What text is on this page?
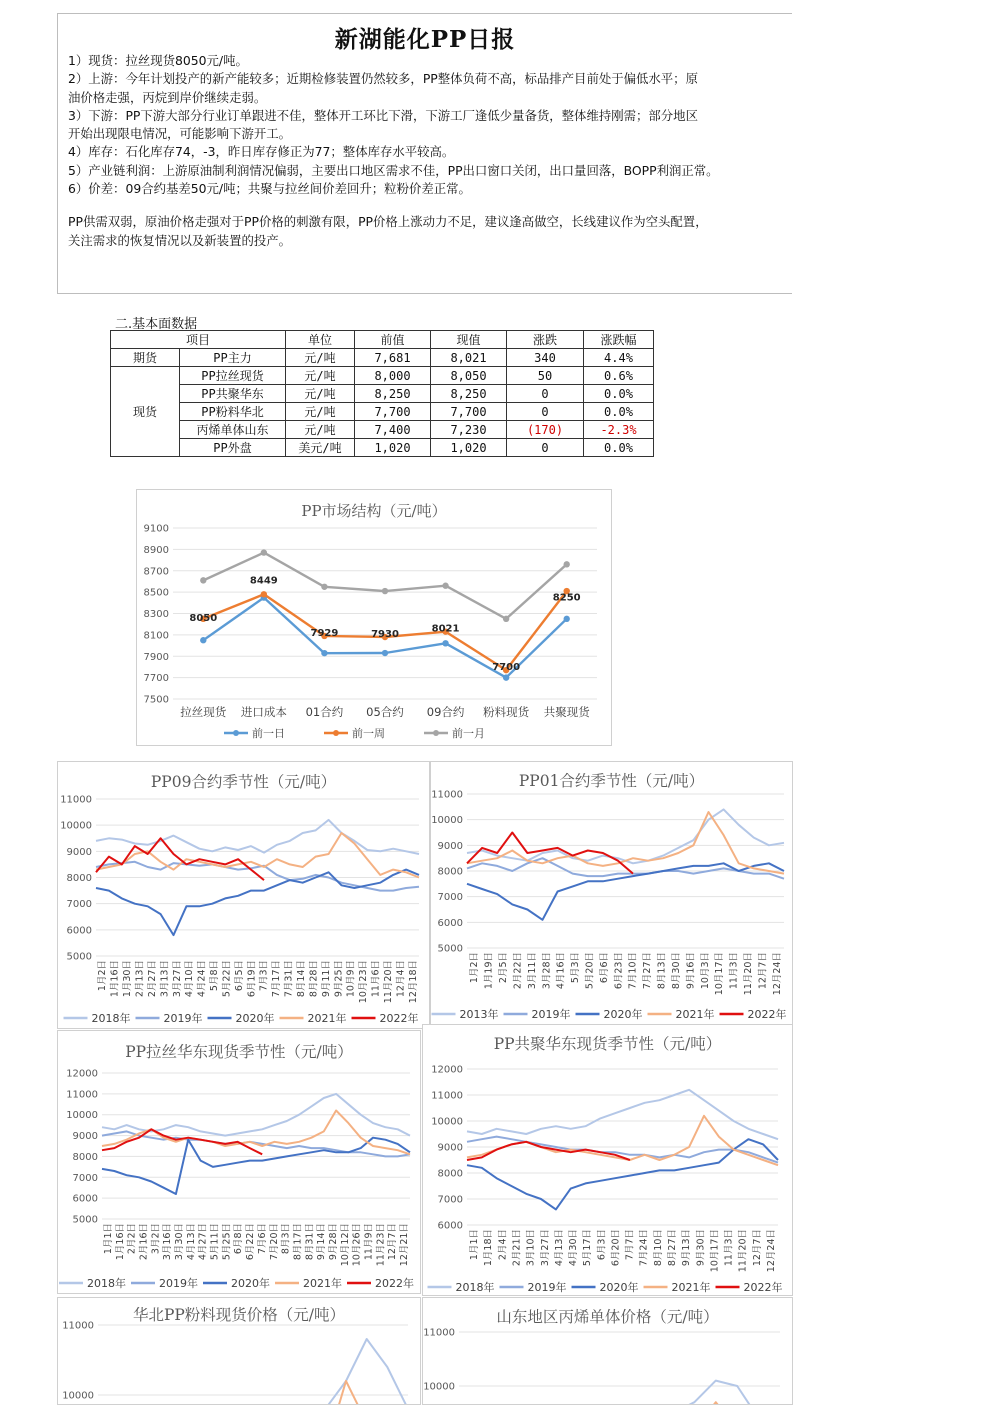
新湖能化PP日报

1）现货：拉丝现货8050元/吨。

2）上游：今年计划投产的新产能较多；近期检修装置仍然较多，PP整体负荷不高，标品排产目前处于偏低水平；原

油价格走强，丙烷到岸价继续走弱。

3）下游：PP下游大部分行业订单跟进不佳，整体开工环比下滑，下游工厂逢低少量备货，整体维持刚需；部分地区

开始出现限电情况，可能影响下游开工。

4）库存：石化库存74，-3，昨日库存修正为77；整体库存水平较高。

5）产业链利润：上游原油制利润情况偏弱，主要出口地区需求不佳，PP出口窗口关闭，出口量回落，BOPP利润正常。

6）价差：09合约基差50元/吨；共聚与拉丝间价差回升；粒粉价差正常。

PP供需双弱，原油价格走强对于PP价格的刺激有限，PP价格上涨动力不足，建议逢高做空，长线建议作为空头配置，

关注需求的恢复情况以及新装置的投产。

二.基本面数据
项目		单位	前值	现值	涨跌	涨跌幅
期货	PP主力	元/吨	7,681	8,021	340	4.4%
现货	PP拉丝现货	元/吨	8,000	8,050	50	0.6%
	PP共聚华东	元/吨	8,250	8,250	0	0.0%
	PP粉料华北	元/吨	7,700	7,700	0	0.0%
	丙烯单体山东	元/吨	7,400	7,230	(170)	-2.3%
	PP外盘	美元/吨	1,020	1,020	0	0.0%
PP市场结构（元/吨）
9100
8900
8700
8500
8300
8100
7900
7700
7500
拉丝现货 进口成本 01合约 05合约 09合约 粉料现货 共聚现货
8050
8449
7929	7930	8021
7700
8250
前一日	前一周	前一月
PP09合约季节性（元/吨）
11000
10000
9000
8000
7000
6000
5000
1月2日 1月16日 1月30日 2月13日 2月27日 3月13日 3月27日 4月10日 4月24日 5月8日 5月22日 6月5日 6月19日 7月3日 7月17日 7月31日 8月14日 8月28日 9月11日 9月25日 10月9日 10月23日 11月6日 11月20日 12月4日 12月18日
2018年	2019年	2020年	2021年	2022年
PP01合约季节性（元/吨）
11000
10000
9000
8000
7000
6000
5000
1月2日 1月19日 2月5日 2月22日 3月11日 3月28日 4月16日 5月3日 5月20日 6月6日 6月23日 7月10日 7月27日 8月13日 8月30日 9月16日 10月3日 10月17日 11月3日 11月20日 12月7日 12月24日
2013年	2019年	2020年	2021年	2022年
PP拉丝华东现货季节性（元/吨）
12000
11000
10000
9000
8000
7000
6000
5000
1月1日 1月16日 2月2日 2月16日 3月2日 3月16日 3月30日 4月13日 4月27日 5月11日 5月25日 6月8日 6月22日 7月6日 7月20日 8月3日 8月17日 8月31日 9月14日 9月28日 10月12日 10月26日 11月9日 11月23日 12月7日 12月21日
2018年	2019年	2020年	2021年	2022年
PP共聚华东现货季节性（元/吨）
12000
11000
10000
9000
8000
7000
6000
1月1日 1月18日 2月4日 2月21日 3月10日 3月27日 4月13日 4月30日 5月17日 6月3日 6月20日 7月7日 7月24日 8月10日 8月27日 9月13日 9月30日 10月17日 11月3日 11月20日 12月7日 12月24日
2018年	2019年	2020年	2021年	2022年
华北PP粉料现货价格（元/吨）
11000
10000
山东地区丙烯单体价格（元/吨）
11000
10000
